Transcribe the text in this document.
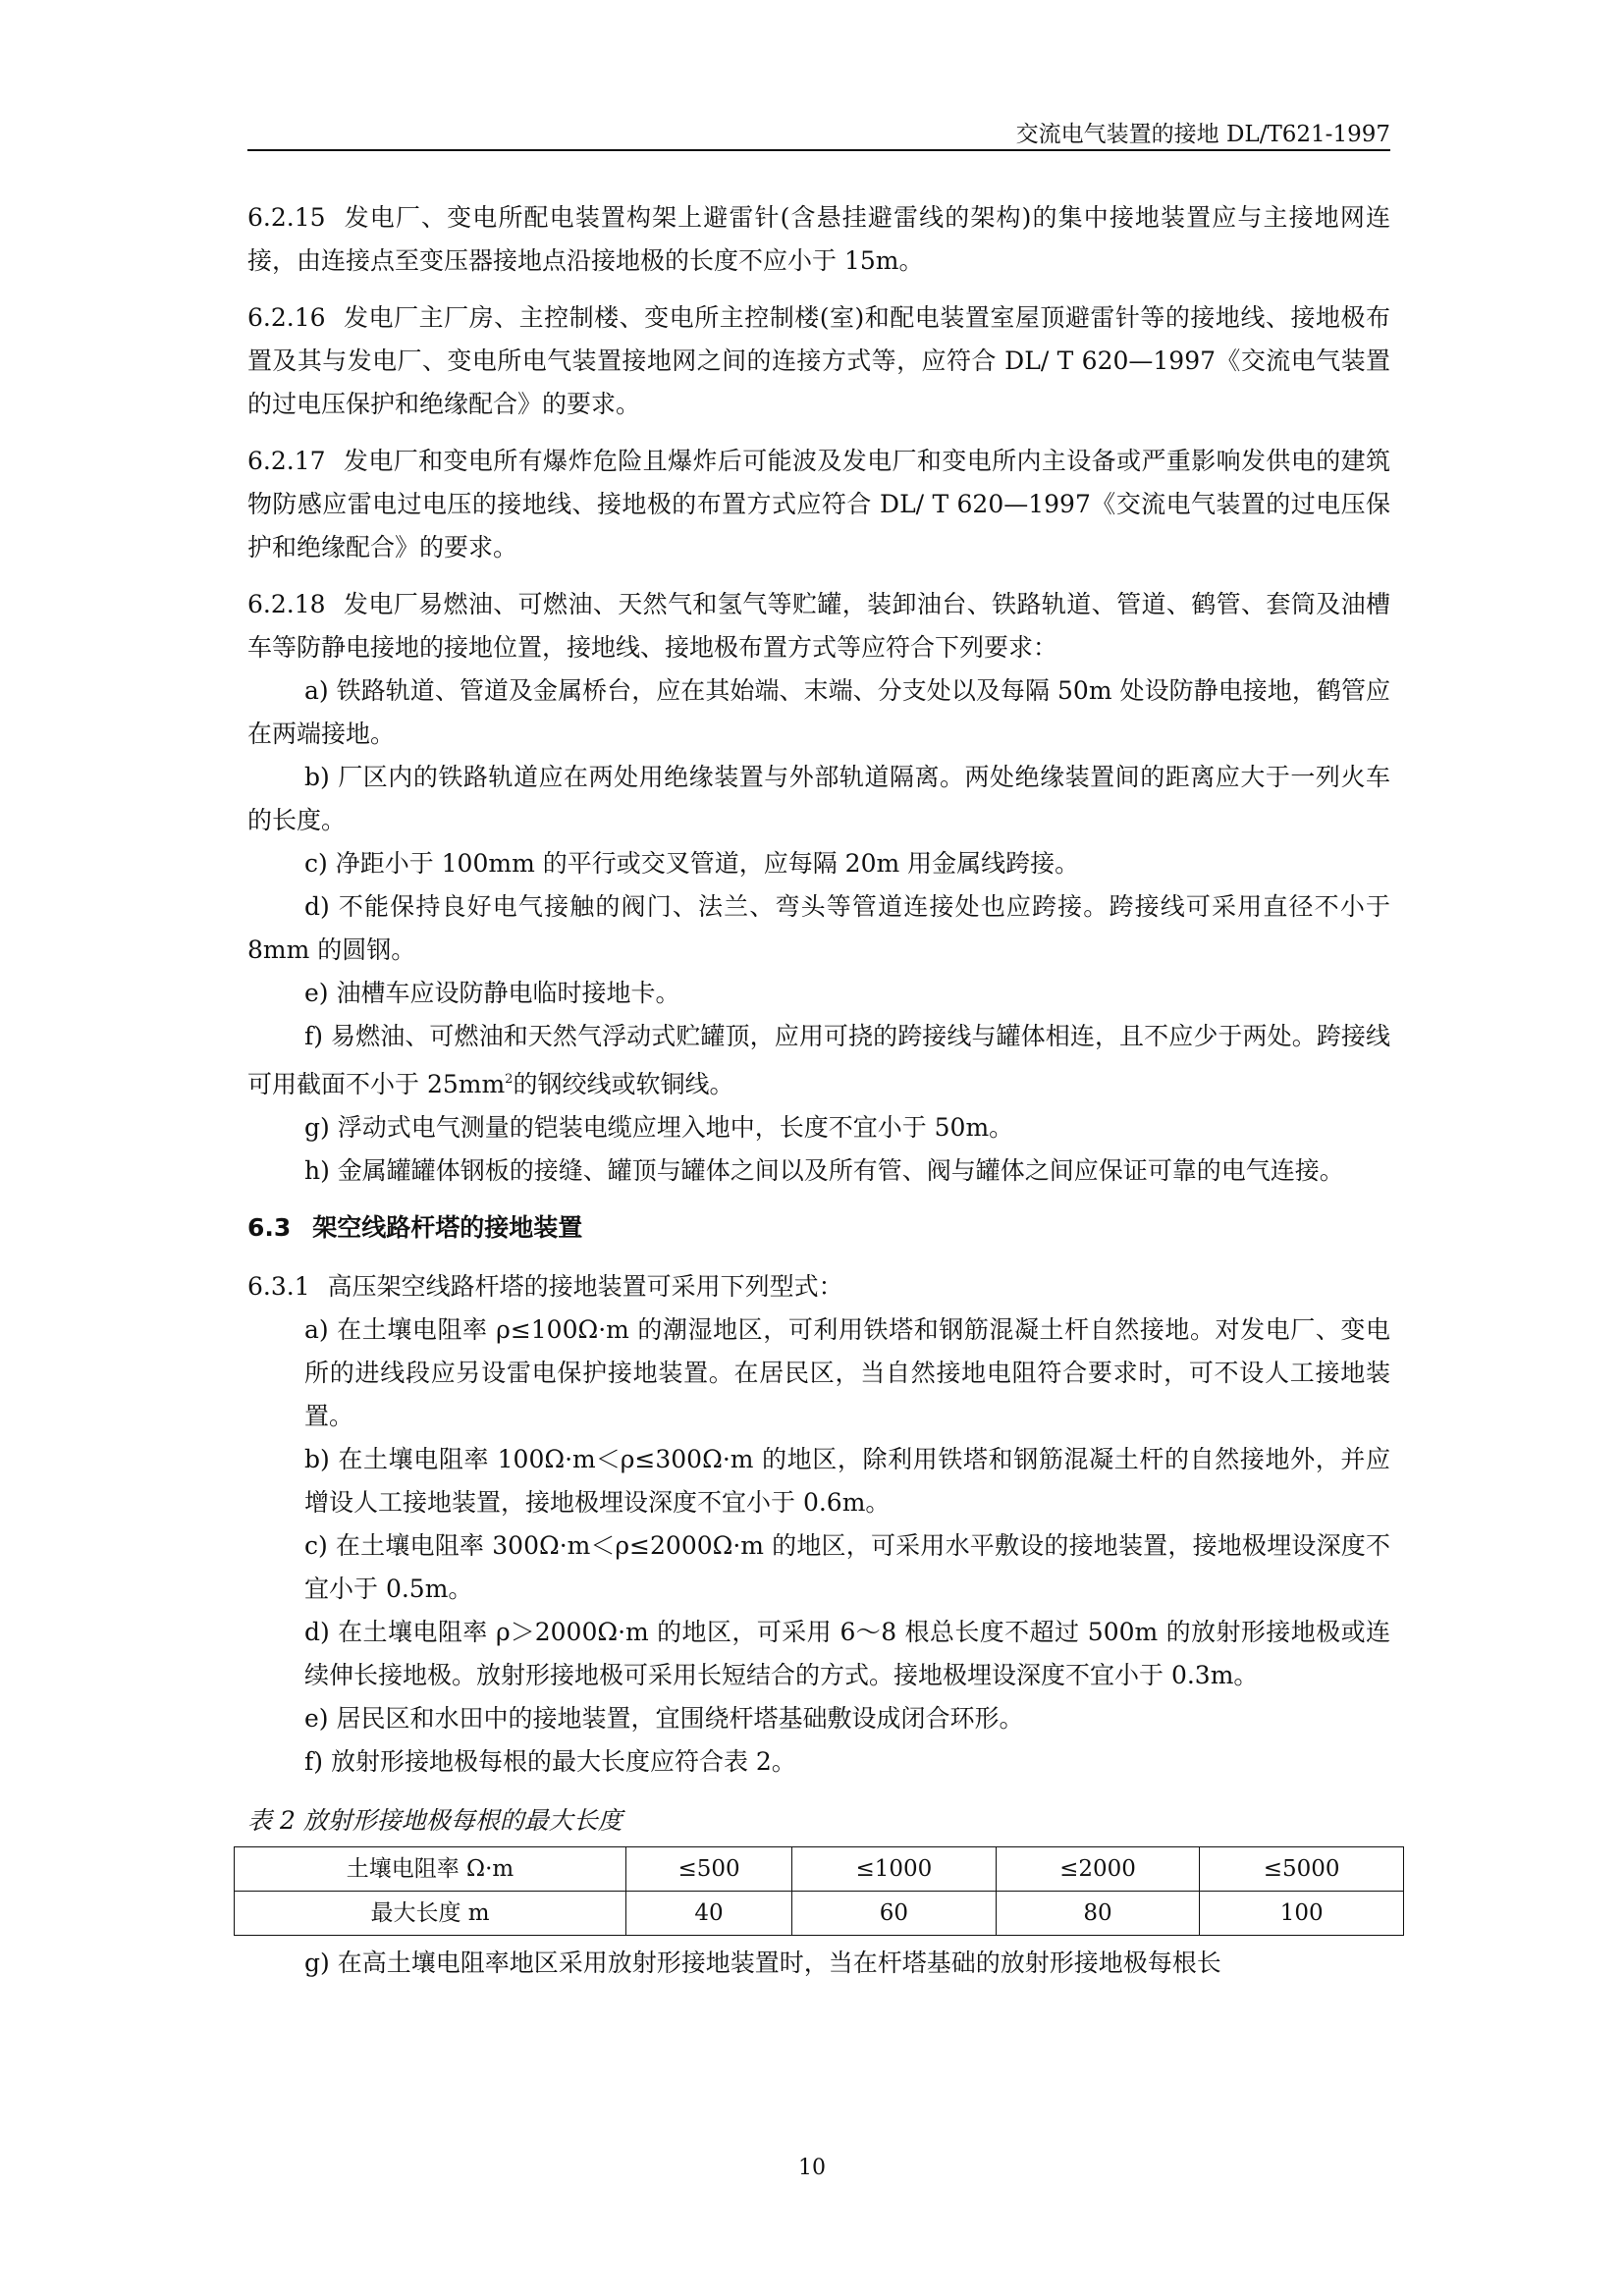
交流电气装置的接地 DL/T621-1997

6.2.15 发电厂、变电所配电装置构架上避雷针(含悬挂避雷线的架构)的集中接地装置应与主接地网连接，由连接点至变压器接地点沿接地极的长度不应小于 15m。

6.2.16 发电厂主厂房、主控制楼、变电所主控制楼(室)和配电装置室屋顶避雷针等的接地线、接地极布置及其与发电厂、变电所电气装置接地网之间的连接方式等，应符合 DL/ T 620—1997《交流电气装置的过电压保护和绝缘配合》的要求。

6.2.17 发电厂和变电所有爆炸危险且爆炸后可能波及发电厂和变电所内主设备或严重影响发供电的建筑物防感应雷电过电压的接地线、接地极的布置方式应符合 DL/ T 620—1997《交流电气装置的过电压保护和绝缘配合》的要求。

6.2.18 发电厂易燃油、可燃油、天然气和氢气等贮罐，装卸油台、铁路轨道、管道、鹤管、套筒及油槽车等防静电接地的接地位置，接地线、接地极布置方式等应符合下列要求：

a) 铁路轨道、管道及金属桥台，应在其始端、末端、分支处以及每隔 50m 处设防静电接地，鹤管应在两端接地。

b) 厂区内的铁路轨道应在两处用绝缘装置与外部轨道隔离。两处绝缘装置间的距离应大于一列火车的长度。

c) 净距小于 100mm 的平行或交叉管道，应每隔 20m 用金属线跨接。

d) 不能保持良好电气接触的阀门、法兰、弯头等管道连接处也应跨接。跨接线可采用直径不小于 8mm 的圆钢。

e) 油槽车应设防静电临时接地卡。

f) 易燃油、可燃油和天然气浮动式贮罐顶，应用可挠的跨接线与罐体相连，且不应少于两处。跨接线可用截面不小于 $25mm^2$的钢绞线或软铜线。

g) 浮动式电气测量的铠装电缆应埋入地中，长度不宜小于 50m。

h) 金属罐罐体钢板的接缝、罐顶与罐体之间以及所有管、阀与罐体之间应保证可靠的电气连接。

6.3 架空线路杆塔的接地装置

6.3.1 高压架空线路杆塔的接地装置可采用下列型式：

a) 在土壤电阻率 ρ≤100Ω·m 的潮湿地区，可利用铁塔和钢筋混凝土杆自然接地。对发电厂、变电所的进线段应另设雷电保护接地装置。在居民区，当自然接地电阻符合要求时，可不设人工接地装置。

b) 在土壤电阻率 100Ω·m＜ρ≤300Ω·m 的地区，除利用铁塔和钢筋混凝土杆的自然接地外，并应增设人工接地装置，接地极埋设深度不宜小于 0.6m。

c) 在土壤电阻率 300Ω·m＜ρ≤2000Ω·m 的地区，可采用水平敷设的接地装置，接地极埋设深度不宜小于 0.5m。

d) 在土壤电阻率 ρ＞2000Ω·m 的地区，可采用 6～8 根总长度不超过 500m 的放射形接地极或连续伸长接地极。放射形接地极可采用长短结合的方式。接地极埋设深度不宜小于 0.3m。

e) 居民区和水田中的接地装置，宜围绕杆塔基础敷设成闭合环形。

f) 放射形接地极每根的最大长度应符合表 2。

表 2 放射形接地极每根的最大长度
土壤电阻率 Ω·m	≤500	≤1000	≤2000	≤5000
最大长度 m	40	60	80	100

g) 在高土壤电阻率地区采用放射形接地装置时，当在杆塔基础的放射形接地极每根长

10
